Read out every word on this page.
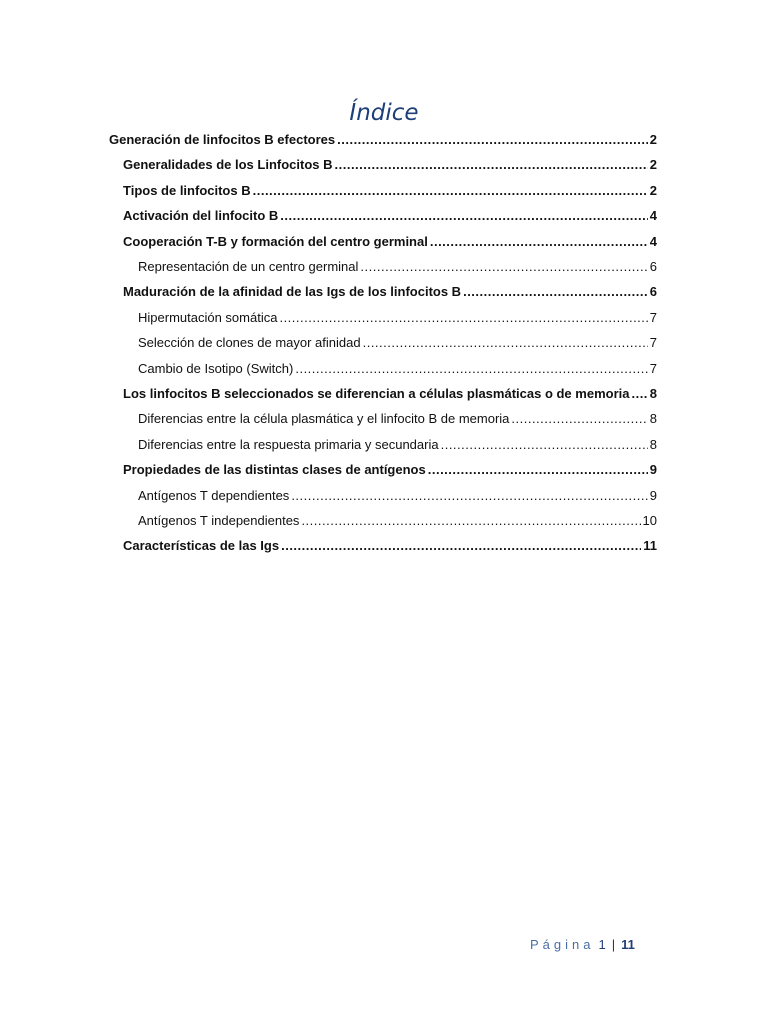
Índice
Generación de linfocitos B efectores .....	2
Generalidades de los Linfocitos B .....	2
Tipos de linfocitos B .....	2
Activación del linfocito B .....	4
Cooperación T-B y formación del centro germinal .....	4
Representación de un centro germinal .....	6
Maduración de la afinidad de las Igs de los linfocitos B .....	6
Hipermutación somática .....	7
Selección de clones de mayor afinidad .....	7
Cambio de Isotipo (Switch) .....	7
Los linfocitos B seleccionados se diferencian a células plasmáticas o de memoria ..... 8
Diferencias entre la célula plasmática y el linfocito B de memoria .....	8
Diferencias entre la respuesta primaria y secundaria .....	8
Propiedades de las distintas clases de antígenos .....	9
Antígenos T dependientes .....	9
Antígenos T independientes .....	10
Características de las Igs .....	11
Página 1 | 11
